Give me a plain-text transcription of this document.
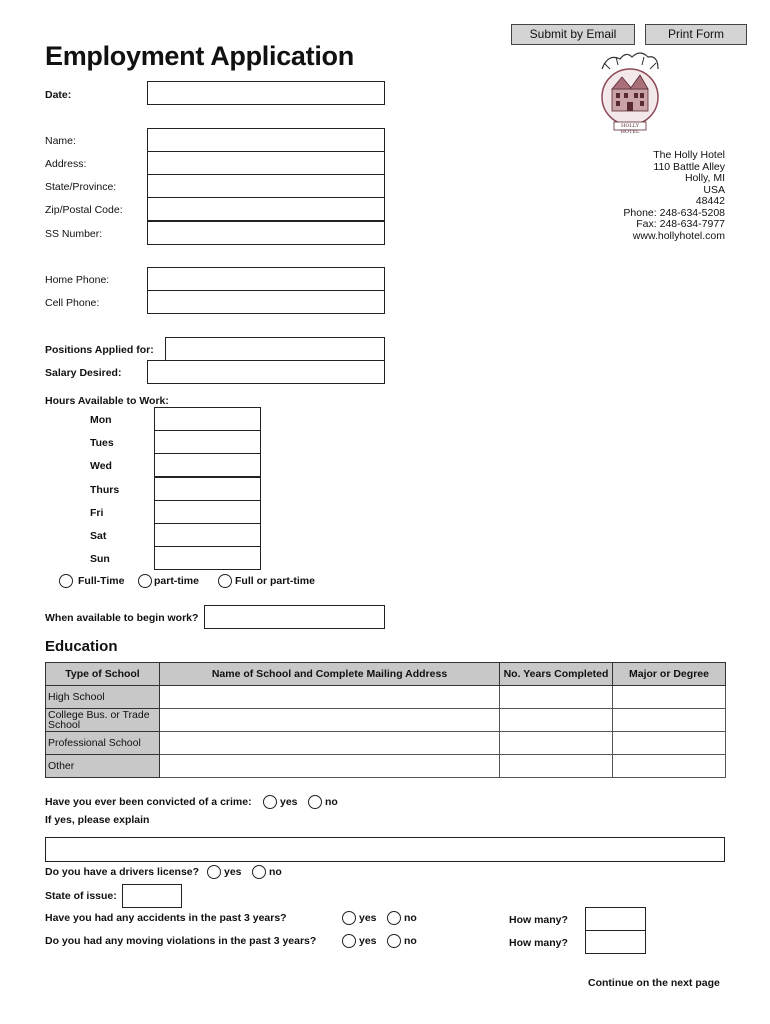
Submit by Email	Print Form
Employment Application
HOLLY HOTEL
The Holly Hotel
110 Battle Alley
Holly, MI
USA
48442
Phone: 248-634-5208
Fax: 248-634-7977
www.hollyhotel.com
Date:
Name:
Address:
State/Province:
Zip/Postal Code:
SS Number:
Home Phone:
Cell Phone:
Positions Applied for:
Salary Desired:
Hours Available to Work:
Mon
Tues
Wed
Thurs
Fri
Sat
Sun
Full-Time	part-time	Full or part-time
When available to begin work?
Education
Type of School	Name of School and Complete Mailing Address	No. Years Completed	Major or Degree
High School			
College Bus. or Trade School			
Professional School			
Other			
Have you ever been convicted of a crime:	yes	no
If yes, please explain
Do you have a drivers license? yes	no
State of issue:
Have you had any accidents in the past 3 years?	yes	no	How many?
Do you had any moving violations in the past 3 years?	yes	no	How many?
Continue on the next page
